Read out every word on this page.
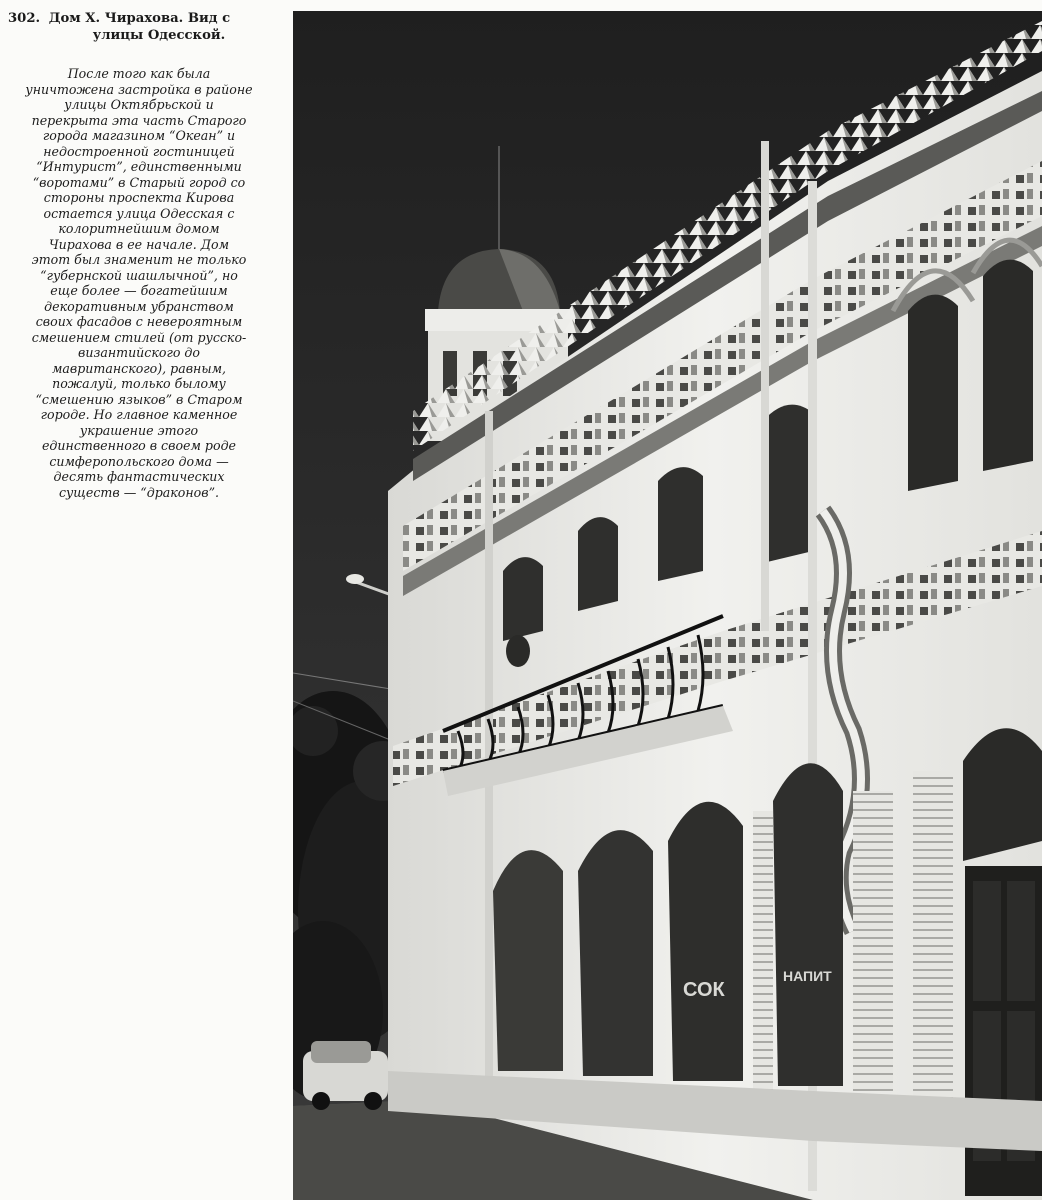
302. Дом Х. Чирахова. Вид с
улицы Одесской.
После того как была
уничтожена застройка в районе
улицы Октябрьской и
перекрыта эта часть Старого
города магазином “Океан” и
недостроенной гостиницей
“Интурист”, единственными
“воротами” в Старый город со
стороны проспекта Кирова
остается улица Одесская с
колоритнейшим домом
Чирахова в ее начале. Дом
этот был знаменит не только
“губернской шашлычной”, но
еще более — богатейшим
декоративным убранством
своих фасадов с невероятным
смешением стилей (от русско-
византийского до
мавританского), равным,
пожалуй, только былому
“смешению языков” в Старом
городе. Но главное каменное
украшение этого
единственного в своем роде
симферопольского дома —
десять фантастических
существ — “драконов”.
СОК
НАПИТ
